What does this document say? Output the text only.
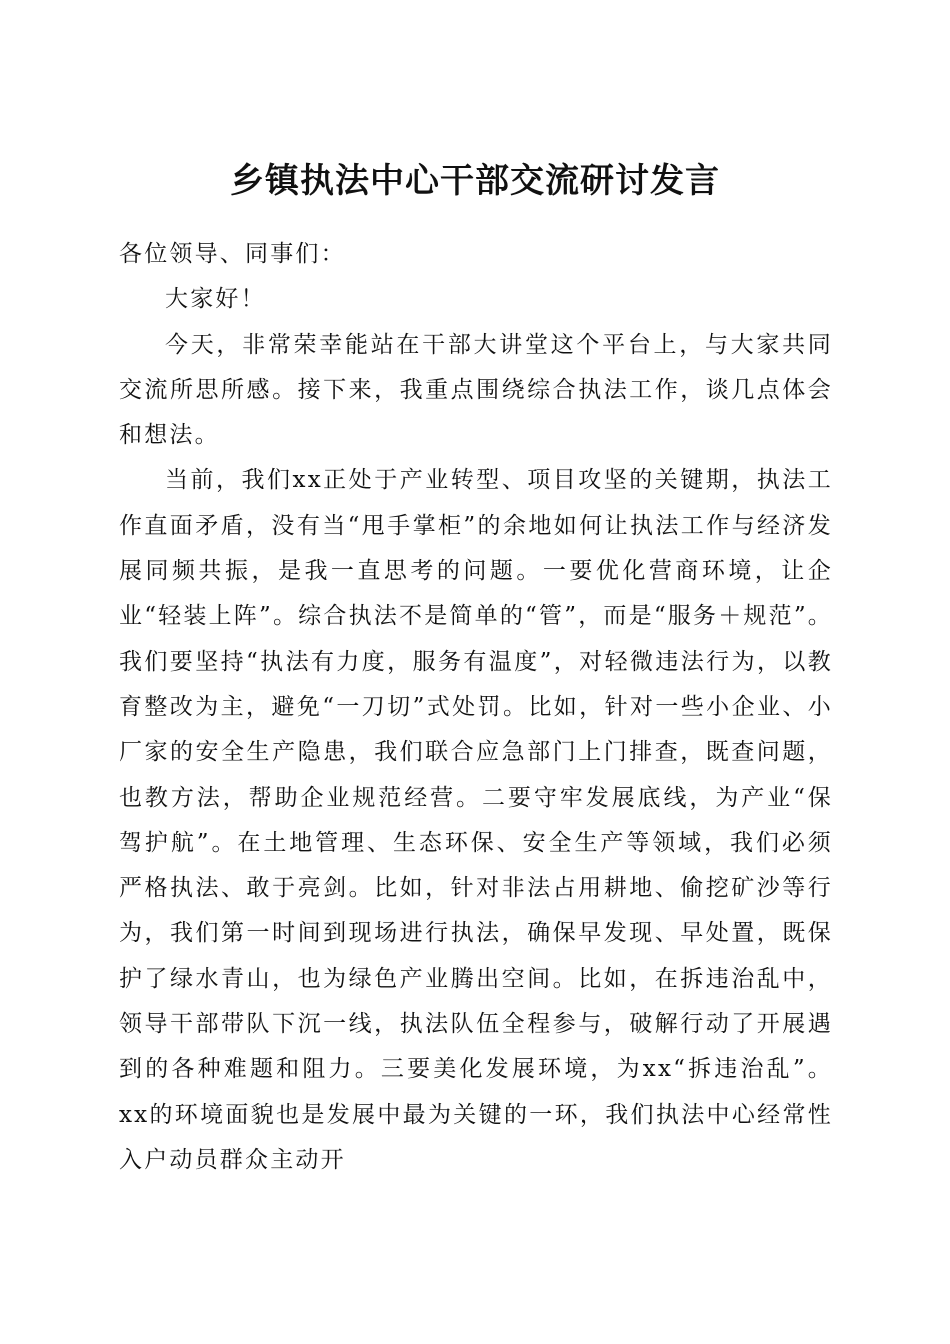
乡镇执法中心干部交流研讨发言

各位领导、同事们：

大家好！

今天，非常荣幸能站在干部大讲堂这个平台上，与大家共同交流所思所感。接下来，我重点围绕综合执法工作，谈几点体会和想法。

当前，我们xx正处于产业转型、项目攻坚的关键期，执法工作直面矛盾，没有当“甩手掌柜”的余地如何让执法工作与经济发展同频共振，是我一直思考的问题。一要优化营商环境，让企业“轻装上阵”。综合执法不是简单的“管”，而是“服务＋规范”。我们要坚持“执法有力度，服务有温度”，对轻微违法行为，以教育整改为主，避免“一刀切”式处罚。比如，针对一些小企业、小厂家的安全生产隐患，我们联合应急部门上门排查，既查问题，也教方法，帮助企业规范经营。二要守牢发展底线，为产业“保驾护航”。在土地管理、生态环保、安全生产等领域，我们必须严格执法、敢于亮剑。比如，针对非法占用耕地、偷挖矿沙等行为，我们第一时间到现场进行执法，确保早发现、早处置，既保护了绿水青山，也为绿色产业腾出空间。比如，在拆违治乱中，领导干部带队下沉一线，执法队伍全程参与，破解行动了开展遇到的各种难题和阻力。三要美化发展环境，为xx“拆违治乱”。xx的环境面貌也是发展中最为关键的一环，我们执法中心经常性入户动员群众主动开
